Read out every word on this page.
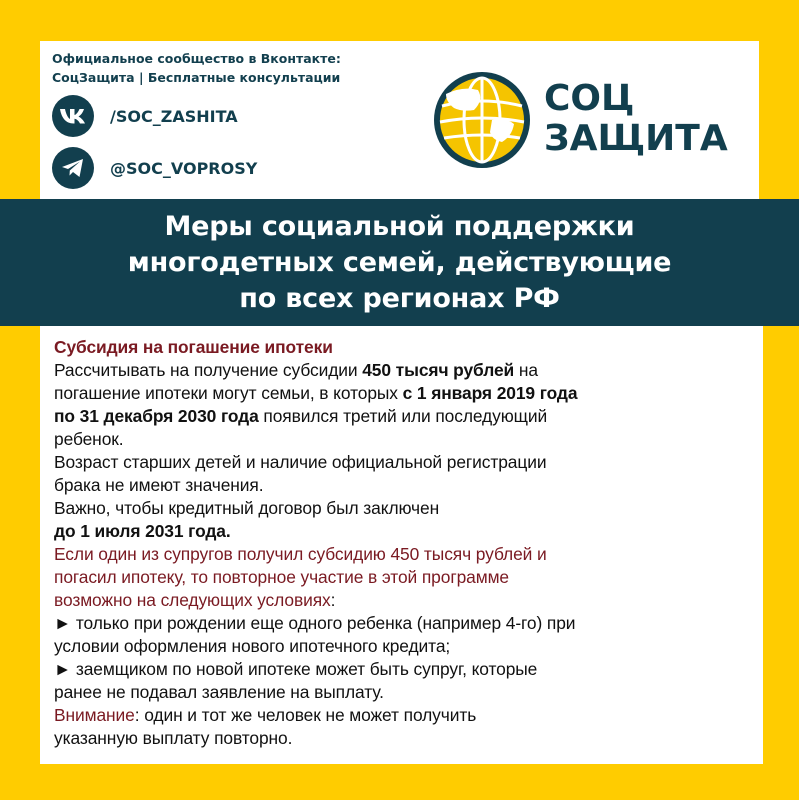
Официальное сообщество в Вконтакте:
СоцЗащита | Бесплатные консультации
/SOC_ZASHITA
@SOC_VOPROSY
СОЦ
ЗАЩИТА
Меры социальной поддержки
многодетных семей, действующие
по всех регионах РФ
Субсидия на погашение ипотеки
Рассчитывать на получение субсидии 450 тысяч рублей на
погашение ипотеки могут семьи, в которых с 1 января 2019 года
по 31 декабря 2030 года появился третий или последующий
ребенок.
Возраст старших детей и наличие официальной регистрации
брака не имеют значения.
Важно, чтобы кредитный договор был заключен
до 1 июля 2031 года.
Если один из супругов получил субсидию 450 тысяч рублей и
погасил ипотеку, то повторное участие в этой программе
возможно на следующих условиях:
► только при рождении еще одного ребенка (например 4-го) при
условии оформления нового ипотечного кредита;
► заемщиком по новой ипотеке может быть супруг, которые
ранее не подавал заявление на выплату.
Внимание: один и тот же человек не может получить
указанную выплату повторно.
